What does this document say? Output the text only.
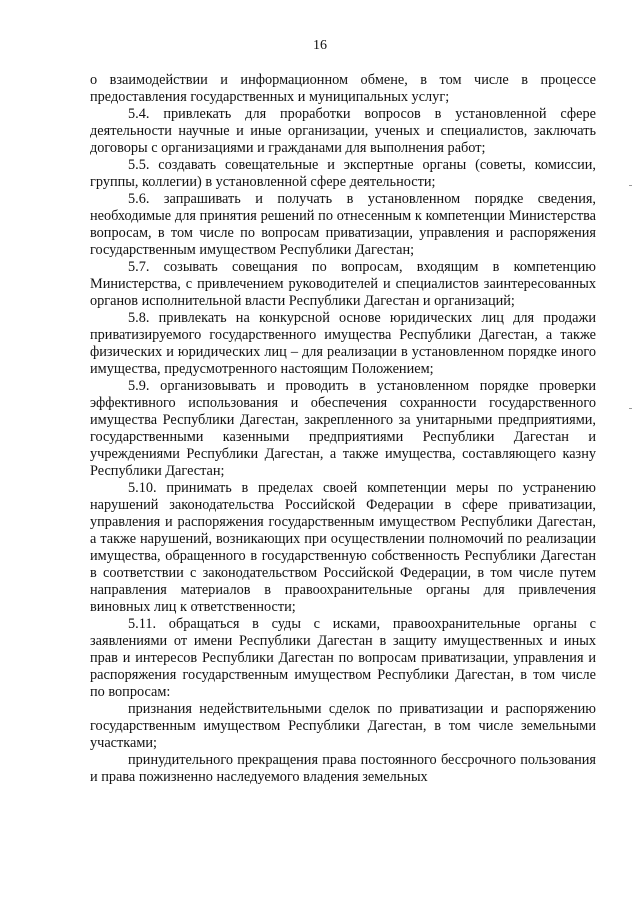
16

о взаимодействии и информационном обмене, в том числе в процессе предоставления государственных и муниципальных услуг;

5.4. привлекать для проработки вопросов в установленной сфере деятельности научные и иные организации, ученых и специалистов, заключать договоры с организациями и гражданами для выполнения работ;

5.5. создавать совещательные и экспертные органы (советы, комиссии, группы, коллегии) в установленной сфере деятельности;

5.6. запрашивать и получать в установленном порядке сведения, необходимые для принятия решений по отнесенным к компетенции Министерства вопросам, в том числе по вопросам приватизации, управления и распоряжения государственным имуществом Республики Дагестан;

5.7. созывать совещания по вопросам, входящим в компетенцию Министерства, с привлечением руководителей и специалистов заинтересованных органов исполнительной власти Республики Дагестан и организаций;

5.8. привлекать на конкурсной основе юридических лиц для продажи приватизируемого государственного имущества Республики Дагестан, а также физических и юридических лиц – для реализации в установленном порядке иного имущества, предусмотренного настоящим Положением;

5.9. организовывать и проводить в установленном порядке проверки эффективного использования и обеспечения сохранности государственного имущества Республики Дагестан, закрепленного за унитарными предприятиями, государственными казенными предприятиями Республики Дагестан и учреждениями Республики Дагестан, а также имущества, составляющего казну Республики Дагестан;

5.10. принимать в пределах своей компетенции меры по устранению нарушений законодательства Российской Федерации в сфере приватизации, управления и распоряжения государственным имуществом Республики Дагестан, а также нарушений, возникающих при осуществлении полномочий по реализации имущества, обращенного в государственную собственность Республики Дагестан в соответствии с законодательством Российской Федерации, в том числе путем направления материалов в правоохранительные органы для привлечения виновных лиц к ответственности;

5.11. обращаться в суды с исками, правоохранительные органы с заявлениями от имени Республики Дагестан в защиту имущественных и иных прав и интересов Республики Дагестан по вопросам приватизации, управления и распоряжения государственным имуществом Республики Дагестан, в том числе по вопросам:

признания недействительными сделок по приватизации и распоряжению государственным имуществом Республики Дагестан, в том числе земельными участками;

принудительного прекращения права постоянного бессрочного пользования и права пожизненно наследуемого владения земельных
